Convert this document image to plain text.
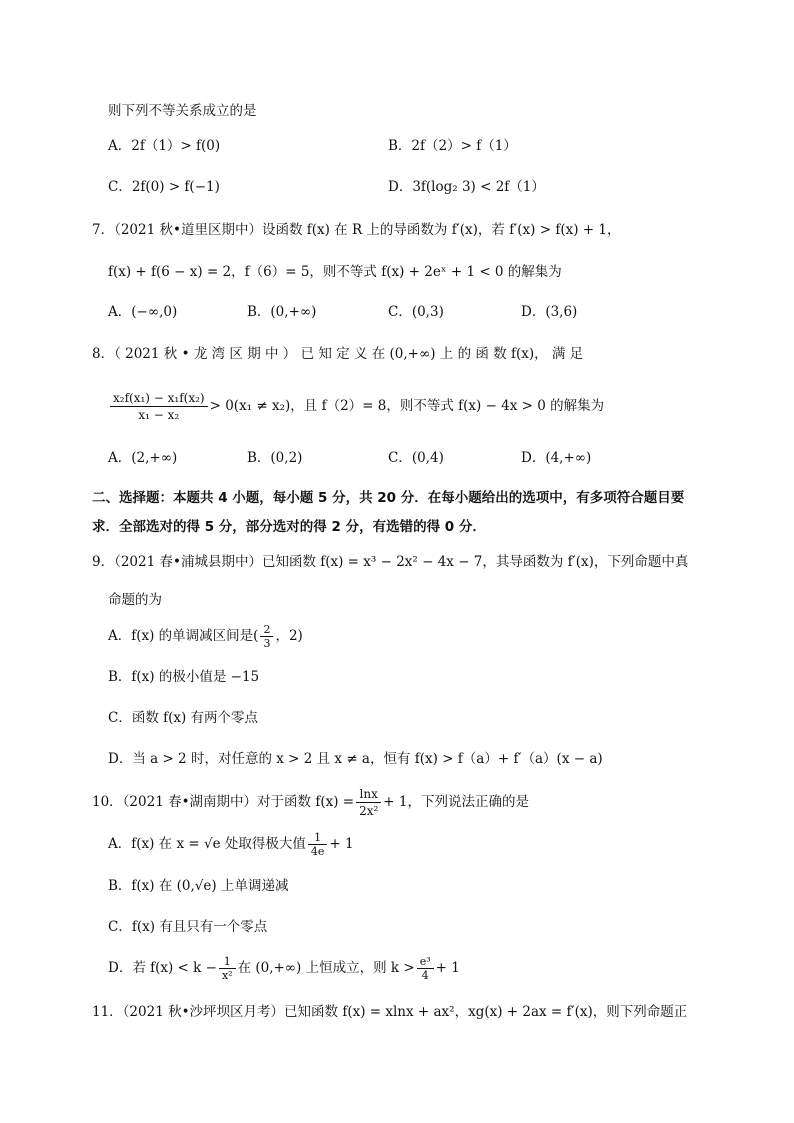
则下列不等关系成立的是
A．2f（1）> f(0)	B．2f（2）> f（1）
C．2f(0) > f(−1)	D．3f(log₂ 3) < 2f（1）
7．（2021 秋•道里区期中）设函数 f(x) 在 R 上的导函数为 f′(x)，若 f′(x) > f(x) + 1，
f(x) + f(6 − x) = 2，f（6）= 5，则不等式 f(x) + 2eˣ + 1 < 0 的解集为
A．(−∞,0)	B．(0,+∞)	C．(0,3)	D．(3,6)
8．（ 2021 秋 • 龙 湾 区 期 中 ） 已 知 定 义 在 (0,+∞) 上 的 函 数 f(x)， 满 足
$\frac{\text{x₂f(x₁) − x₁f(x₂)}}{\text{x₁ − x₂}} > 0(x_1 \ne x_2)$，且 f（2）= 8，则不等式 f(x) − 4x > 0 的解集为
A．(2,+∞)	B．(0,2)	C．(0,4)	D．(4,+∞)
二、选择题：本题共 4 小题，每小题 5 分，共 20 分．在每小题给出的选项中，有多项符合题目要
求．全部选对的得 5 分，部分选对的得 2 分，有选错的得 0 分．
9．（2021 春•浦城县期中）已知函数 f(x) = x³ − 2x² − 4x − 7，其导函数为 f′(x)，下列命题中真
命题的为
A．f(x) 的单调减区间是( $\frac{2}{3}$ ，2)
B．f(x) 的极小值是 −15
C．函数 f(x) 有两个零点
D．当 a > 2 时，对任意的 x > 2 且 x ≠ a，恒有 f(x) > f（a）+ f′（a）(x − a)
10．（2021 春•湖南期中）对于函数 $f(x) = \frac{\ln x}{\text{2x²}} + 1$，下列说法正确的是
A．f(x) 在 x = √e 处取得极大值 $\frac{1}{4e} + 1$
B．f(x) 在 (0,√e) 上单调递减
C．f(x) 有且只有一个零点
D．若 $f(x) < k - \frac{1}{\text{x²}}$ 在 (0,+∞) 上恒成立，则 $k > \frac{\text{e³}}{4} + 1$
11．（2021 秋•沙坪坝区月考）已知函数 f(x) = xlnx + ax²，xg(x) + 2ax = f′(x)，则下列命题正
